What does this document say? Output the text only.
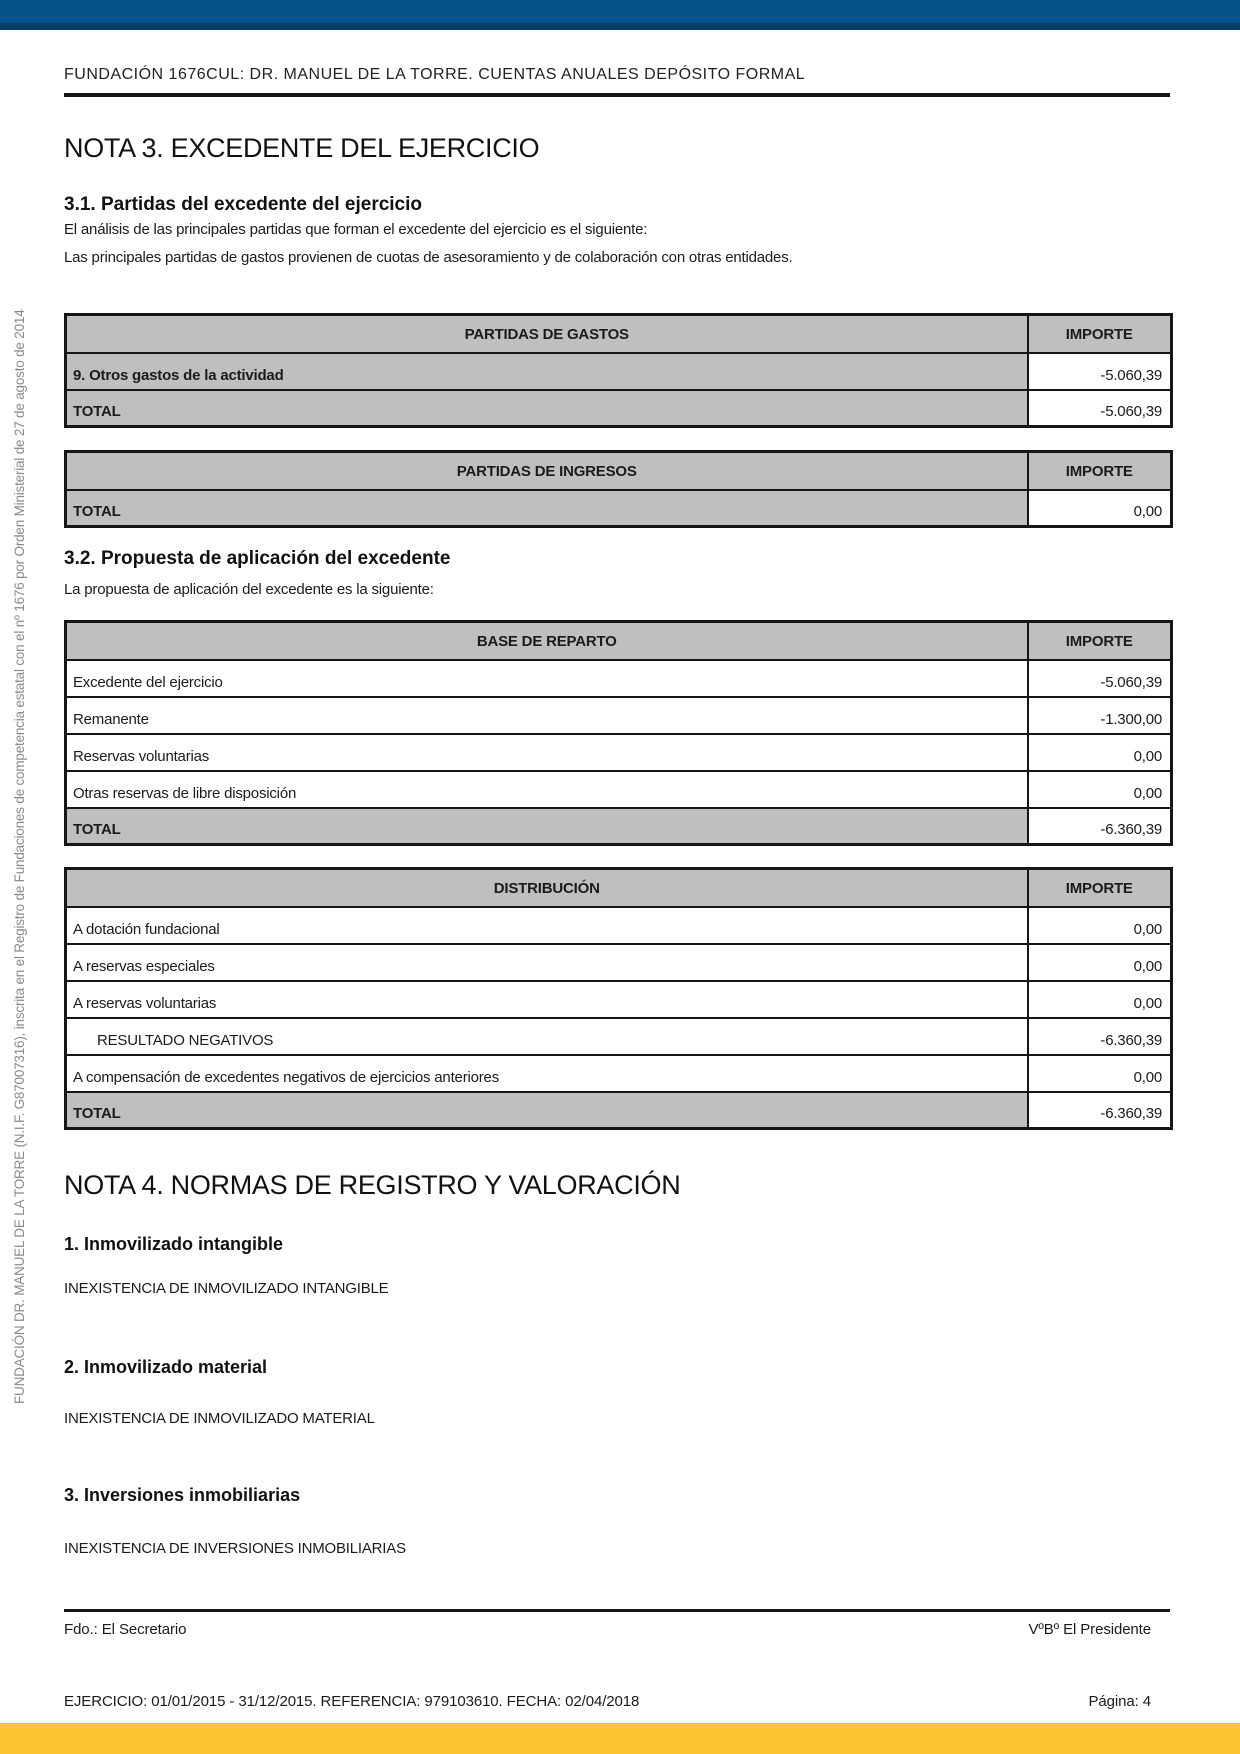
FUNDACIÓN 1676CUL: DR. MANUEL DE LA TORRE. CUENTAS ANUALES DEPÓSITO FORMAL
FUNDACIÓN DR. MANUEL DE LA TORRE (N.I.F. G87007316), inscrita en el Registro de Fundaciones de competencia estatal con el nº 1676 por Orden Ministerial de 27 de agosto de 2014
NOTA 3. EXCEDENTE DEL EJERCICIO
3.1. Partidas del excedente del ejercicio
El análisis de las principales partidas que forman el excedente del ejercicio es el siguiente:
Las principales partidas de gastos provienen de cuotas de asesoramiento y de colaboración con otras entidades.
PARTIDAS DE GASTOS	IMPORTE
9. Otros gastos de la actividad	-5.060,39
TOTAL	-5.060,39
PARTIDAS DE INGRESOS	IMPORTE
TOTAL	0,00
3.2. Propuesta de aplicación del excedente
La propuesta de aplicación del excedente es la siguiente:
BASE DE REPARTO	IMPORTE
Excedente del ejercicio	-5.060,39
Remanente	-1.300,00
Reservas voluntarias	0,00
Otras reservas de libre disposición	0,00
TOTAL	-6.360,39
DISTRIBUCIÓN	IMPORTE
A dotación fundacional	0,00
A reservas especiales	0,00
A reservas voluntarias	0,00
RESULTADO NEGATIVOS	-6.360,39
A compensación de excedentes negativos de ejercicios anteriores	0,00
TOTAL	-6.360,39
NOTA 4. NORMAS DE REGISTRO Y VALORACIÓN
1. Inmovilizado intangible
INEXISTENCIA DE INMOVILIZADO INTANGIBLE
2. Inmovilizado material
INEXISTENCIA DE INMOVILIZADO MATERIAL
3. Inversiones inmobiliarias
INEXISTENCIA DE INVERSIONES INMOBILIARIAS
Fdo.: El Secretario	VºBº El Presidente
EJERCICIO: 01/01/2015 - 31/12/2015. REFERENCIA: 979103610. FECHA: 02/04/2018	Página: 4
